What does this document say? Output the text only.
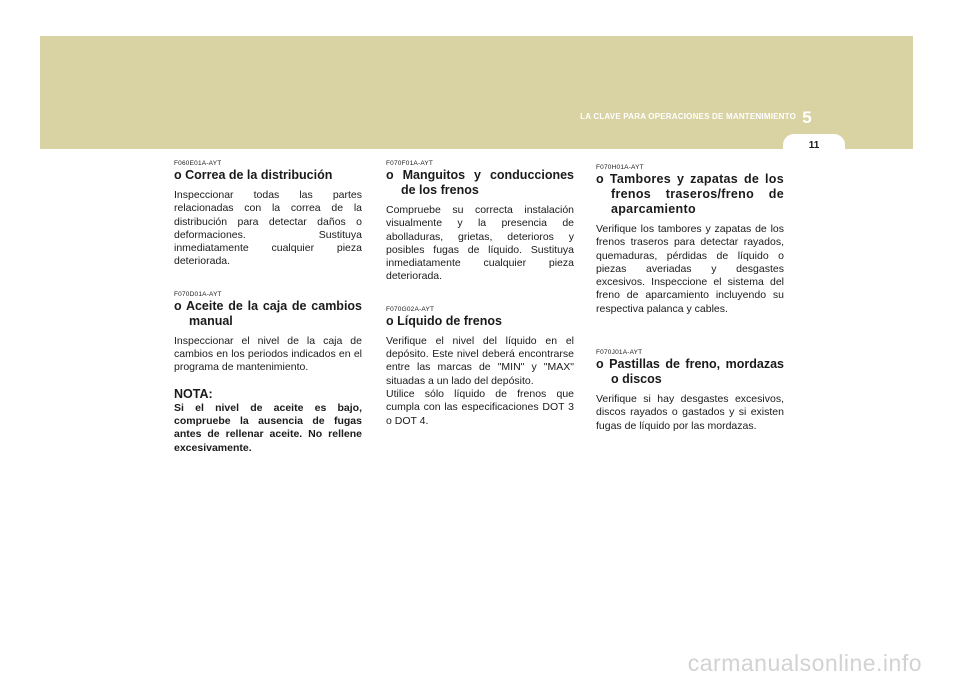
LA CLAVE PARA OPERACIONES DE MANTENIMIENTO 5
11

F060E01A-AYT

o Correa de la distribución

Inspeccionar todas las partes relacionadas con la correa de la distribución para detectar daños o deformaciones. Sustituya inmediatamente cualquier pieza deteriorada.

F070D01A-AYT

o Aceite de la caja de cambios manual

Inspeccionar el nivel de la caja de cambios en los periodos indicados en el programa de mantenimiento.

NOTA:

Si el nivel de aceite es bajo, compruebe la ausencia de fugas antes de rellenar aceite. No rellene excesivamente.

F070F01A-AYT

o Manguitos y conducciones de los frenos

Compruebe su correcta instalación visualmente y la presencia de abolladuras, grietas, deterioros y posibles fugas de líquido. Sustituya inmediatamente cualquier pieza deteriorada.

F070G02A-AYT

o Líquido de frenos

Verifique el nivel del líquido en el depósito. Este nivel deberá encontrarse entre las marcas de "MIN" y "MAX" situadas a un lado del depósito.

Utilice sólo líquido de frenos que cumpla con las especificaciones DOT 3 o DOT 4.

F070H01A-AYT

o Tambores y zapatas de los frenos traseros/freno de aparcamiento

Verifique los tambores y zapatas de los frenos traseros para detectar rayados, quemaduras, pérdidas de líquido o piezas averiadas y desgastes excesivos. Inspeccione el sistema del freno de aparcamiento incluyendo su respectiva palanca y cables.

F070J01A-AYT

o Pastillas de freno, mordazas o discos

Verifique si hay desgastes excesivos, discos rayados o gastados y si existen fugas de líquido por las mordazas.

carmanualsonline.info
